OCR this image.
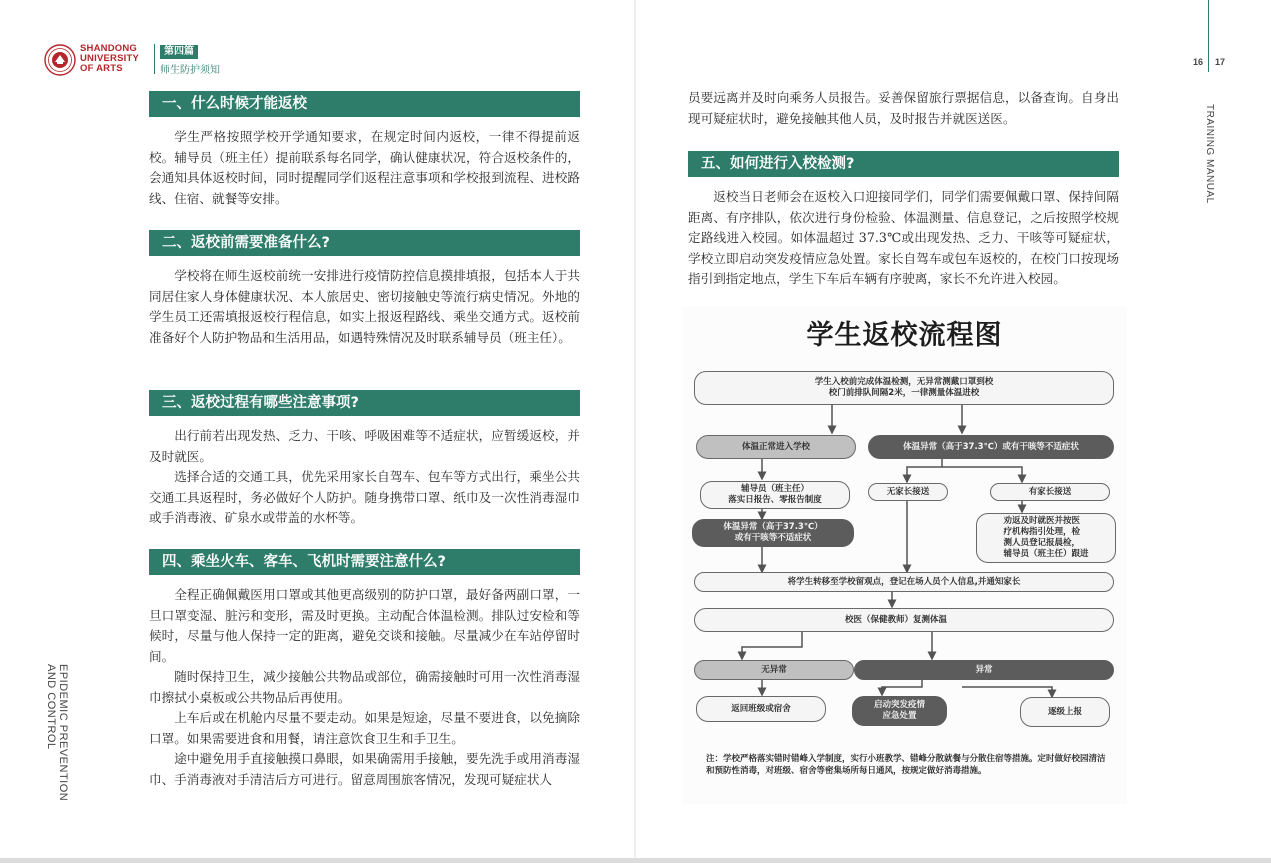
SHANDONG
UNIVERSITY
OF ARTS
第四篇
师生防护须知
EPIDEMIC PREVENTION
AND CONTROL
16 17
TRAINING MANUAL
一、什么时候才能返校

学生严格按照学校开学通知要求，在规定时间内返校，一律不得提前返校。辅导员（班主任）提前联系每名同学，确认健康状况，符合返校条件的，会通知具体返校时间，同时提醒同学们返程注意事项和学校报到流程、进校路线、住宿、就餐等安排。

二、返校前需要准备什么?

学校将在师生返校前统一安排进行疫情防控信息摸排填报，包括本人于共同居住家人身体健康状况、本人旅居史、密切接触史等流行病史情况。外地的学生员工还需填报返校行程信息，如实上报返程路线、乘坐交通方式。返校前准备好个人防护物品和生活用品，如遇特殊情况及时联系辅导员（班主任）。

三、返校过程有哪些注意事项?

出行前若出现发热、乏力、干咳、呼吸困难等不适症状，应暂缓返校，并及时就医。

选择合适的交通工具，优先采用家长自驾车、包车等方式出行，乘坐公共交通工具返程时，务必做好个人防护。随身携带口罩、纸巾及一次性消毒湿巾或手消毒液、矿泉水或带盖的水杯等。

四、乘坐火车、客车、飞机时需要注意什么?

全程正确佩戴医用口罩或其他更高级别的防护口罩，最好备两副口罩，一旦口罩变湿、脏污和变形，需及时更换。主动配合体温检测。排队过安检和等候时，尽量与他人保持一定的距离，避免交谈和接触。尽量减少在车站停留时间。

随时保持卫生，减少接触公共物品或部位，确需接触时可用一次性消毒湿巾擦拭小桌板或公共物品后再使用。

上车后或在机舱内尽量不要走动。如果是短途，尽量不要进食，以免摘除口罩。如果需要进食和用餐，请注意饮食卫生和手卫生。

途中避免用手直接触摸口鼻眼，如果确需用手接触，要先洗手或用消毒湿巾、手消毒液对手清洁后方可进行。留意周围旅客情况，发现可疑症状人

员要远离并及时向乘务人员报告。妥善保留旅行票据信息，以备查询。自身出现可疑症状时，避免接触其他人员，及时报告并就医送医。

五、如何进行入校检测?

返校当日老师会在返校入口迎接同学们，同学们需要佩戴口罩、保持间隔距离、有序排队，依次进行身份检验、体温测量、信息登记，之后按照学校规定路线进入校园。如体温超过 37.3℃或出现发热、乏力、干咳等可疑症状，学校立即启动突发疫情应急处置。家长自驾车或包车返校的，在校门口按现场指引到指定地点，学生下车后车辆有序驶离，家长不允许进入校园。

学生返校流程图
学生入校前完成体温检测，无异常测戴口罩到校
校门前排队间隔2米，一律测量体温进校
体温正常进入学校	体温异常（高于37.3℃）或有干咳等不适症状
辅导员（班主任）
落实日报告、零报告制度
无家长接送	有家长接送
体温异常（高于37.3℃）
或有干咳等不适症状
劝返及时就医并按医
疗机构指引处理，检
测人员登记报晨检，
辅导员（班主任）跟进
将学生转移至学校留观点，登记在场人员个人信息,并通知家长
校医（保健教师）复测体温
无异常	异常
返回班级或宿舍	启动突发疫情
应急处置	逐级上报
注：学校严格落实错时错峰入学制度，实行小班教学、错峰分散就餐与分散住宿等措施。定时做好校园清洁和预防性消毒，对班级、宿舍等密集场所每日通风，按规定做好消毒措施。
